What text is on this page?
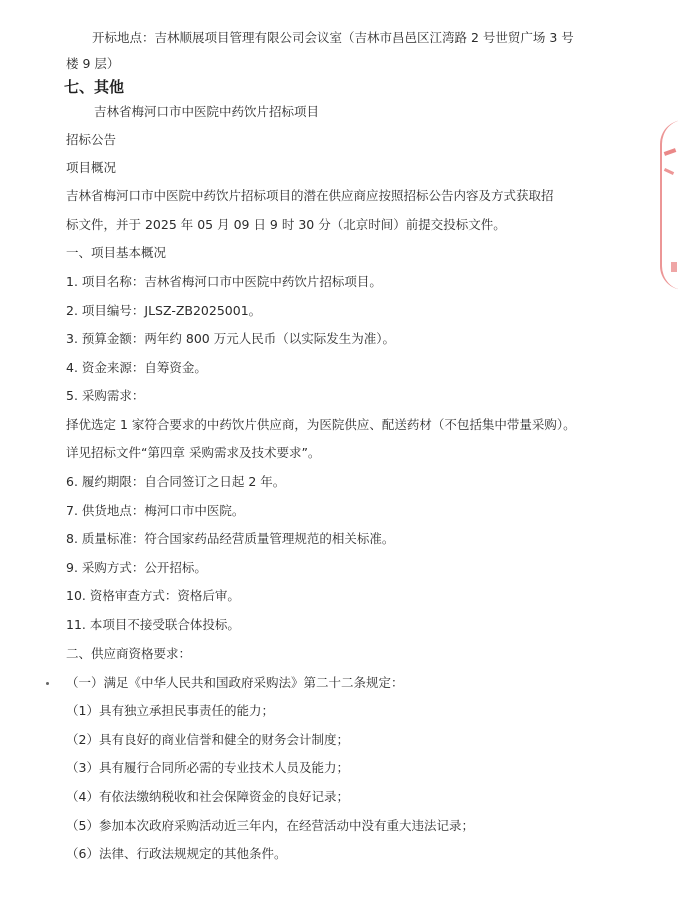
开标地点：吉林顺展项目管理有限公司会议室（吉林市昌邑区江湾路 2 号世贸广场 3 号
楼 9 层）
七、其他
吉林省梅河口市中医院中药饮片招标项目
招标公告
项目概况
吉林省梅河口市中医院中药饮片招标项目的潜在供应商应按照招标公告内容及方式获取招
标文件，并于 2025 年 05 月 09 日 9 时 30 分（北京时间）前提交投标文件。
一、项目基本概况
1. 项目名称：吉林省梅河口市中医院中药饮片招标项目。
2. 项目编号：JLSZ-ZB2025001。
3. 预算金额：两年约 800 万元人民币（以实际发生为准）。
4. 资金来源：自筹资金。
5. 采购需求：
择优选定 1 家符合要求的中药饮片供应商，为医院供应、配送药材（不包括集中带量采购）。
详见招标文件“第四章 采购需求及技术要求”。
6. 履约期限：自合同签订之日起 2 年。
7. 供货地点：梅河口市中医院。
8. 质量标准：符合国家药品经营质量管理规范的相关标准。
9. 采购方式：公开招标。
10. 资格审查方式：资格后审。
11. 本项目不接受联合体投标。
二、供应商资格要求：
（一）满足《中华人民共和国政府采购法》第二十二条规定：
（1）具有独立承担民事责任的能力；
（2）具有良好的商业信誉和健全的财务会计制度；
（3）具有履行合同所必需的专业技术人员及能力；
（4）有依法缴纳税收和社会保障资金的良好记录；
（5）参加本次政府采购活动近三年内，在经营活动中没有重大违法记录；
（6）法律、行政法规规定的其他条件。
